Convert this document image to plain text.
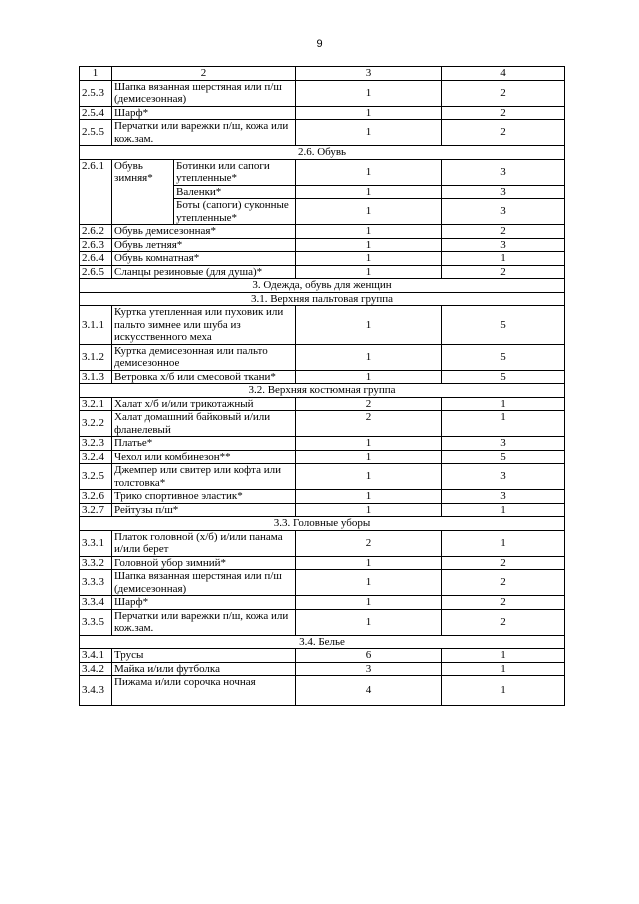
9
1	2		3	4
2.5.3	Шапка вязанная шерстяная или п/ш (демисезонная)		1	2
2.5.4	Шарф*		1	2
2.5.5	Перчатки или варежки п/ш, кожа или кож.зам.		1	2
2.6. Обувь				
2.6.1	Обувь зимняя*	Ботинки или сапоги утепленные*	1	3
		Валенки*	1	3
		Боты (сапоги) суконные утепленные*	1	3
2.6.2	Обувь демисезонная*		1	2
2.6.3	Обувь летняя*		1	3
2.6.4	Обувь комнатная*		1	1
2.6.5	Сланцы резиновые (для душа)*		1	2
3. Одежда, обувь для женщин				
3.1. Верхняя пальтовая группа				
3.1.1	Куртка утепленная или пуховик или пальто зимнее или шуба из искусственного меха		1	5
3.1.2	Куртка демисезонная или пальто демисезонное		1	5
3.1.3	Ветровка х/б или смесовой ткани*		1	5
3.2. Верхняя костюмная группа				
3.2.1	Халат х/б и/или трикотажный		2	1
3.2.2	Халат домашний байковый и/или фланелевый		2	1
3.2.3	Платье*		1	3
3.2.4	Чехол или комбинезон**		1	5
3.2.5	Джемпер или свитер или кофта или толстовка*		1	3
3.2.6	Трико спортивное эластик*		1	3
3.2.7	Рейтузы п/ш*		1	1
3.3. Головные уборы				
3.3.1	Платок головной (х/б) и/или панама и/или берет		2	1
3.3.2	Головной убор зимний*		1	2
3.3.3	Шапка вязанная шерстяная или п/ш (демисезонная)		1	2
3.3.4	Шарф*		1	2
3.3.5	Перчатки или варежки п/ш, кожа или кож.зам.		1	2
3.4. Белье				
3.4.1	Трусы		6	1
3.4.2	Майка и/или футболка		3	1
3.4.3	Пижама и/или сорочка ночная		4	1
